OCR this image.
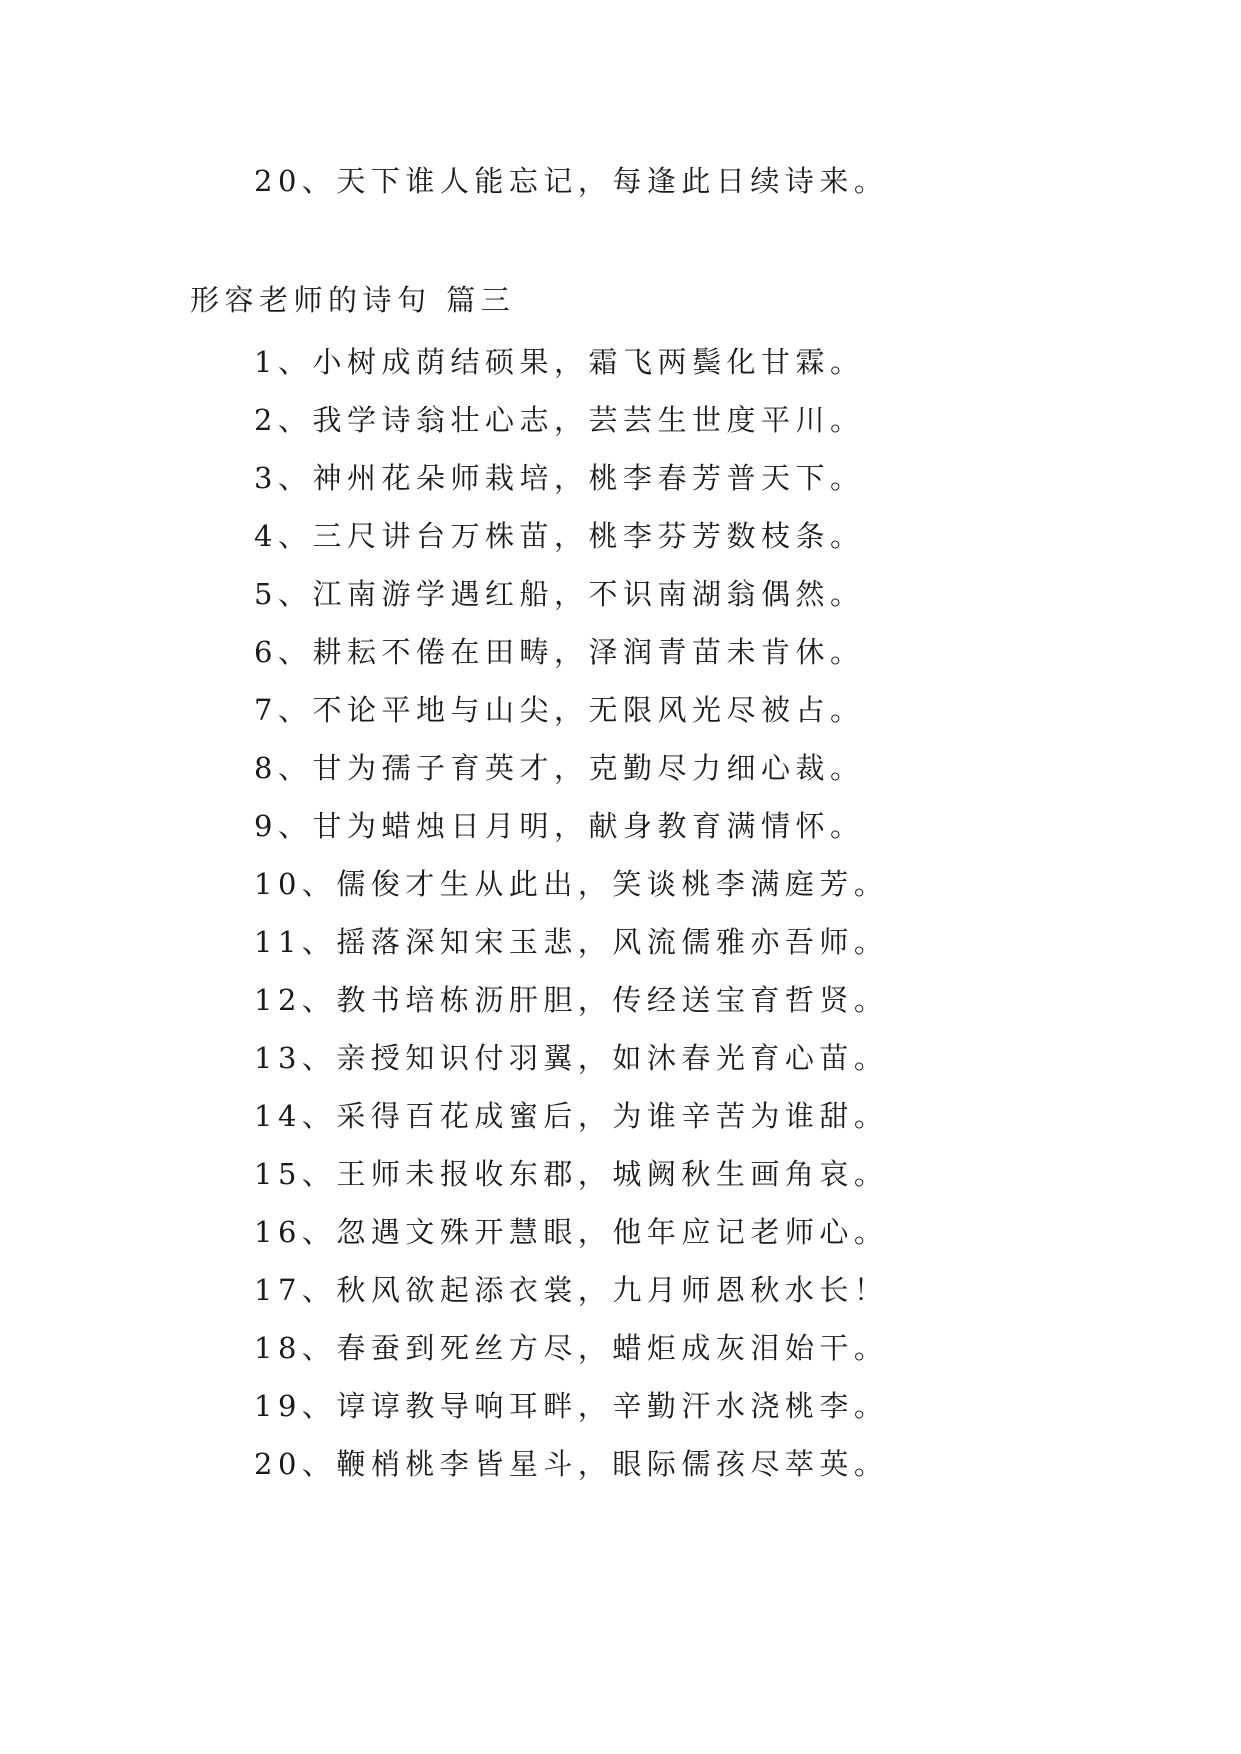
20、天下谁人能忘记，每逢此日续诗来。
形容老师的诗句 篇三
1、小树成荫结硕果，霜飞两鬓化甘霖。
2、我学诗翁壮心志，芸芸生世度平川。
3、神州花朵师栽培，桃李春芳普天下。
4、三尺讲台万株苗，桃李芬芳数枝条。
5、江南游学遇红船，不识南湖翁偶然。
6、耕耘不倦在田畴，泽润青苗未肯休。
7、不论平地与山尖，无限风光尽被占。
8、甘为孺子育英才，克勤尽力细心裁。
9、甘为蜡烛日月明，献身教育满情怀。
10、儒俊才生从此出，笑谈桃李满庭芳。
11、摇落深知宋玉悲，风流儒雅亦吾师。
12、教书培栋沥肝胆，传经送宝育哲贤。
13、亲授知识付羽翼，如沐春光育心苗。
14、采得百花成蜜后，为谁辛苦为谁甜。
15、王师未报收东郡，城阙秋生画角哀。
16、忽遇文殊开慧眼，他年应记老师心。
17、秋风欲起添衣裳，九月师恩秋水长！
18、春蚕到死丝方尽，蜡炬成灰泪始干。
19、谆谆教导响耳畔，辛勤汗水浇桃李。
20、鞭梢桃李皆星斗，眼际儒孩尽萃英。
